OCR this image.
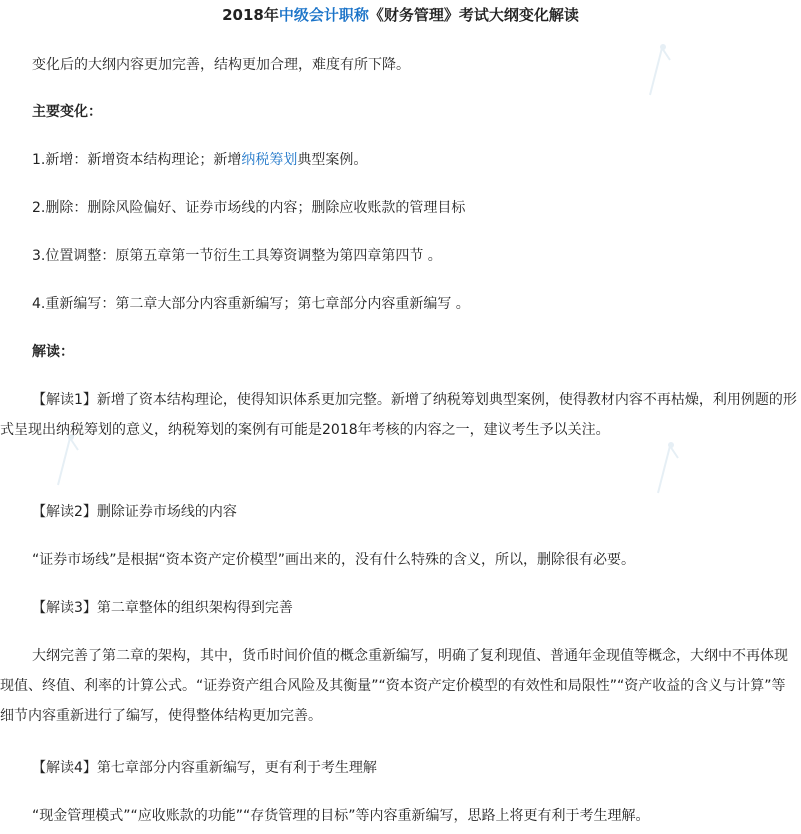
2018年中级会计职称《财务管理》考试大纲变化解读
变化后的大纲内容更加完善，结构更加合理，难度有所下降。
主要变化：
1.新增：新增资本结构理论；新增纳税筹划典型案例。
2.删除：删除风险偏好、证券市场线的内容；删除应收账款的管理目标
3.位置调整：原第五章第一节衍生工具筹资调整为第四章第四节 。
4.重新编写：第二章大部分内容重新编写；第七章部分内容重新编写 。
解读：
【解读1】新增了资本结构理论，使得知识体系更加完整。新增了纳税筹划典型案例，使得教材内容不再枯燥，利用例题的形式呈现出纳税筹划的意义，纳税筹划的案例有可能是2018年考核的内容之一，建议考生予以关注。
【解读2】删除证券市场线的内容
“证券市场线”是根据“资本资产定价模型”画出来的，没有什么特殊的含义，所以，删除很有必要。
【解读3】第二章整体的组织架构得到完善
大纲完善了第二章的架构，其中，货币时间价值的概念重新编写，明确了复利现值、普通年金现值等概念，大纲中不再体现现值、终值、利率的计算公式。“证券资产组合风险及其衡量”“资本资产定价模型的有效性和局限性”“资产收益的含义与计算”等细节内容重新进行了编写，使得整体结构更加完善。
【解读4】第七章部分内容重新编写，更有利于考生理解
“现金管理模式”“应收账款的功能”“存货管理的目标”等内容重新编写，思路上将更有利于考生理解。
